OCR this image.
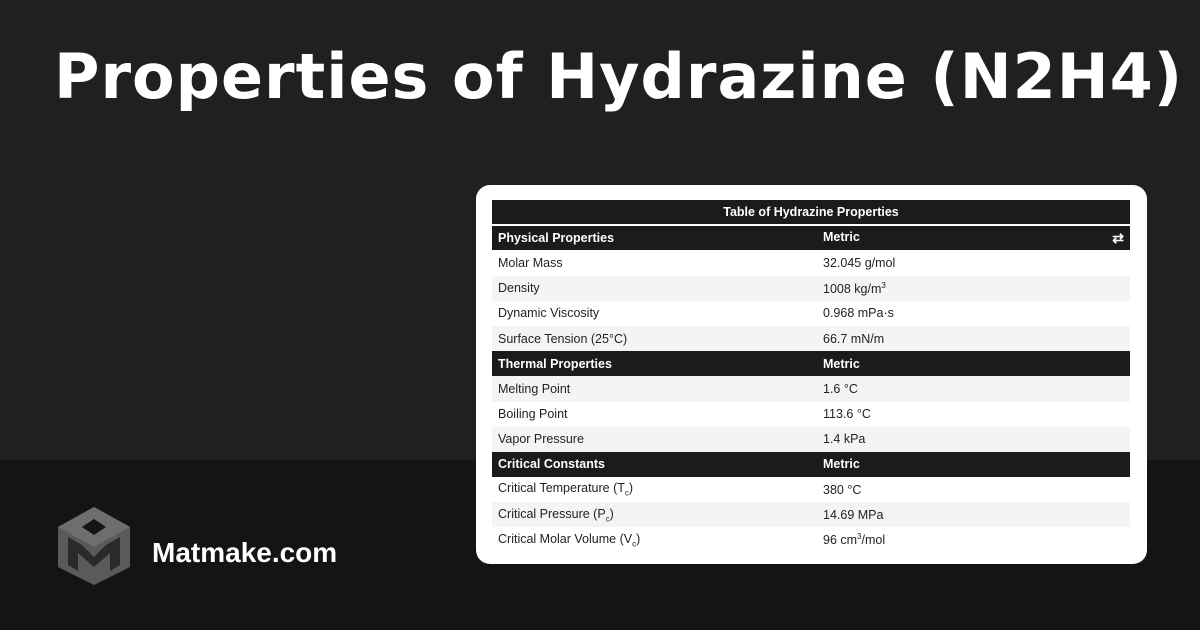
Properties of Hydrazine (N2H4)
Matmake.com
Table of Hydrazine Properties	
Physical Properties	Metric ⇄

Molar Mass	32.045 g/mol
Density	1008 $kg/m^3$
Dynamic Viscosity	0.968 mPa·s
Surface Tension (25°C)	66.7 mN/m
Thermal Properties	Metric
Melting Point	1.6 °C
Boiling Point	113.6 °C
Vapor Pressure	1.4 kPa
Critical Constants	Metric
Critical Temperature $(T_c)$	380 °C
Critical Pressure $(P_c)$	14.69 MPa
Critical Molar Volume $(V_c)$	96 $cm^3$/mol
